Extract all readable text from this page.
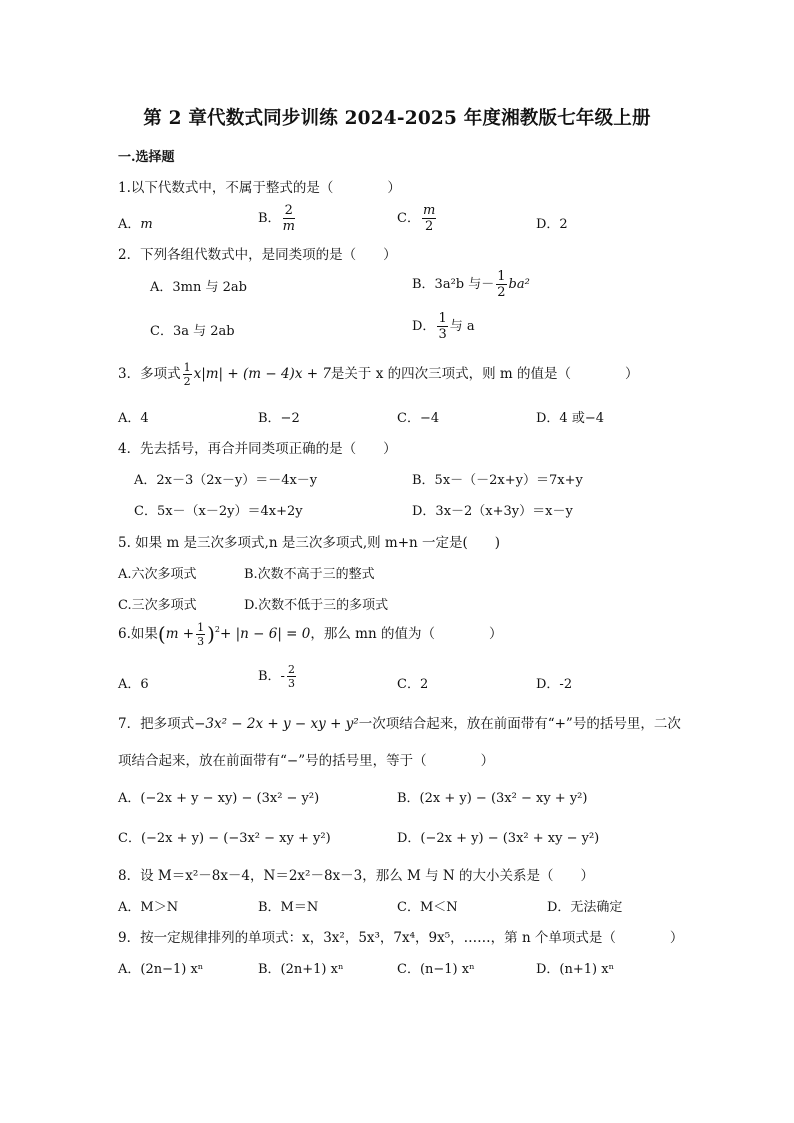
第 2 章代数式同步训练 2024-2025 年度湘教版七年级上册
一.选择题
1.以下代数式中，不属于整式的是（　　　　）
A．m	B． $\frac{2}{m}$	C． $\frac{m}{2}$	D．2
2．下列各组代数式中，是同类项的是（　　）
A．3mn 与 2ab	B．3a²b 与－ $\frac{1}{2} ba^2$
C．3a 与 2ab	D． $\frac{1}{3}$ 与 a
3．多项式 $\frac{1}{2} x|m| + (m - 4)x + 7$是关于 x 的四次三项式，则 m 的值是（　　　　）
A．4	B．−2	C．−4	D．4 或−4
4．先去括号，再合并同类项正确的是（　　）
A．2x－3（2x－y）＝－4x－y	B．5x－（－2x+y）＝7x+y
C．5x－（x－2y）＝4x+2y	D．3x－2（x+3y）＝x－y
5. 如果 m 是三次多项式,n 是三次多项式,则 m+n 一定是(　　)
A.六次多项式	B.次数不高于三的整式
C.三次多项式	D.次数不低于三的多项式
6.如果$(m + \frac{1}{3} )^2+ |n - 6| = 0$，那么 mn 的值为（　　　　）
A．6
B．- $\frac{2}{3}$	C．2	D．-2
7．把多项式−3x² − 2x + y − xy + y²一次项结合起来，放在前面带有“+”号的括号里，二次
项结合起来，放在前面带有“−”号的括号里，等于（　　　　）
A．(−2x + y − xy) − (3x² − y²)	B．(2x + y) − (3x² − xy + y²)
C．(−2x + y) − (−3x² − xy + y²)	D．(−2x + y) − (3x² + xy − y²)
8．设 M＝x²－8x－4，N＝2x²－8x－3，那么 M 与 N 的大小关系是（　　）
A．M＞N	B．M＝N	C．M＜N	D．无法确定
9．按一定规律排列的单项式：x，3x²，5x³，7x⁴，9x⁵，……，第 n 个单项式是（　　　　）
A．(2n−1) xⁿ	B．(2n+1) xⁿ	C．(n−1) xⁿ	D．(n+1) xⁿ
